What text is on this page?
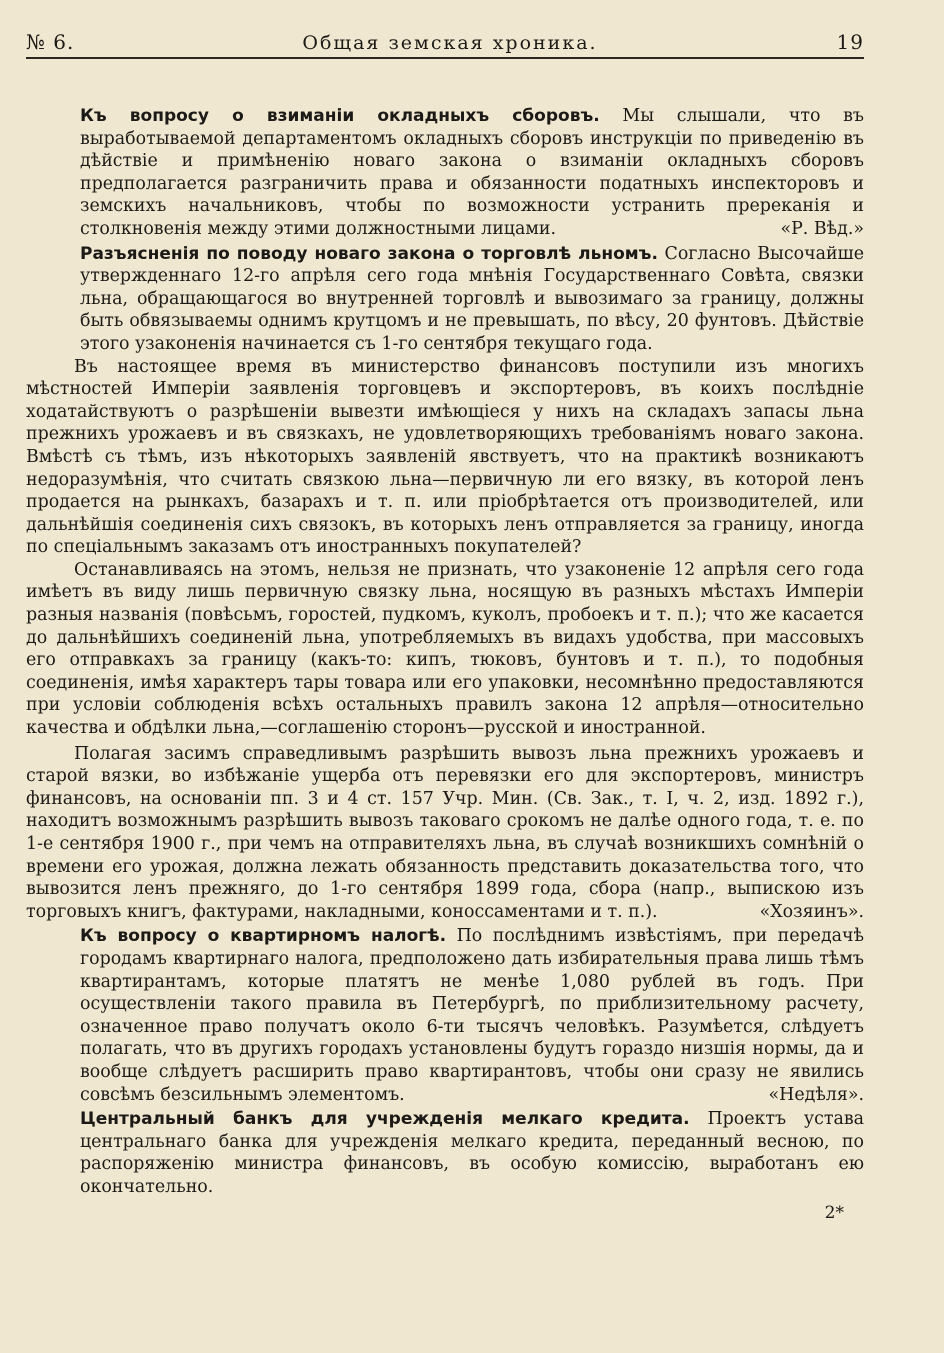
№ 6.	Общая земская хроника.	19

Къ вопросу о взиманіи окладныхъ сборовъ. Мы слышали, что въ выработываемой департаментомъ окладныхъ сборовъ инструкціи по приведенію въ дѣйствіе и примѣненію новаго закона о взиманіи окладныхъ сборовъ предполагается разграничить права и обязанности податныхъ инспекторовъ и земскихъ начальниковъ, чтобы по возможности устранить пререканія и столкновенія между этими должностными лицами.	«Р. Вѣд.»

Разъясненія по поводу новаго закона о торговлѣ льномъ. Согласно Высочайше утвержденнаго 12-го апрѣля сего года мнѣнія Государственнаго Совѣта, связки льна, обращающагося во внутренней торговлѣ и вывозимаго за границу, должны быть обвязываемы однимъ крутцомъ и не превышать, по вѣсу, 20 фунтовъ. Дѣйствіе этого узаконенія начинается съ 1-го сентября текущаго года.

Въ настоящее время въ министерство финансовъ поступили изъ многихъ мѣстностей Имперіи заявленія торговцевъ и экспортеровъ, въ коихъ послѣдніе ходатайствуютъ о разрѣшеніи вывезти имѣющіеся у нихъ на складахъ запасы льна прежнихъ урожаевъ и въ связкахъ, не удовлетворяющихъ требованіямъ новаго закона. Вмѣстѣ съ тѣмъ, изъ нѣкоторыхъ заявленій явствуетъ, что на практикѣ возникаютъ недоразумѣнія, что считать связкою льна—первичную ли его вязку, въ которой ленъ продается на рынкахъ, базарахъ и т. п. или пріобрѣтается отъ производителей, или дальнѣйшія соединенія сихъ связокъ, въ которыхъ ленъ отправляется за границу, иногда по спеціальнымъ заказамъ отъ иностранныхъ покупателей?

Останавливаясь на этомъ, нельзя не признать, что узаконеніе 12 апрѣля сего года имѣетъ въ виду лишь первичную связку льна, носящую въ разныхъ мѣстахъ Имперіи разныя названія (повѣсьмъ, горостей, пудкомъ, куколъ, пробоекъ и т. п.); что же касается до дальнѣйшихъ соединеній льна, употребляемыхъ въ видахъ удобства, при массовыхъ его отправкахъ за границу (какъ-то: кипъ, тюковъ, бунтовъ и т. п.), то подобныя соединенія, имѣя характеръ тары товара или его упаковки, несомнѣнно предоставляются при условіи соблюденія всѣхъ остальныхъ правилъ закона 12 апрѣля—относительно качества и обдѣлки льна,—соглашенію сторонъ—русской и иностранной.

Полагая засимъ справедливымъ разрѣшить вывозъ льна прежнихъ урожаевъ и старой вязки, во избѣжаніе ущерба отъ перевязки его для экспортеровъ, министръ финансовъ, на основаніи пп. 3 и 4 ст. 157 Учр. Мин. (Св. Зак., т. I, ч. 2, изд. 1892 г.), находитъ возможнымъ разрѣшить вывозъ таковаго срокомъ не далѣе одного года, т. е. по 1-е сентября 1900 г., при чемъ на отправителяхъ льна, въ случаѣ возникшихъ сомнѣній о времени его урожая, должна лежать обязанность представить доказательства того, что вывозится ленъ прежняго, до 1-го сентября 1899 года, сбора (напр., выпискою изъ торговыхъ книгъ, фактурами, накладными, коноссаментами и т. п.).	«Хозяинъ».

Къ вопросу о квартирномъ налогѣ. По послѣднимъ извѣстіямъ, при передачѣ городамъ квартирнаго налога, предположено дать избирательныя права лишь тѣмъ квартирантамъ, которые платятъ не менѣе 1,080 рублей въ годъ. При осуществленіи такого правила въ Петербургѣ, по приблизительному расчету, означенное право получатъ около 6-ти тысячъ человѣкъ. Разумѣется, слѣдуетъ полагать, что въ другихъ городахъ установлены будутъ гораздо низшія нормы, да и вообще слѣдуетъ расширить право квартирантовъ, чтобы они сразу не явились совсѣмъ безсильнымъ элементомъ.	«Недѣля».

Центральный банкъ для учрежденія мелкаго кредита. Проектъ устава центральнаго банка для учрежденія мелкаго кредита, переданный весною, по распоряженію министра финансовъ, въ особую комиссію, выработанъ ею окончательно.

2*
